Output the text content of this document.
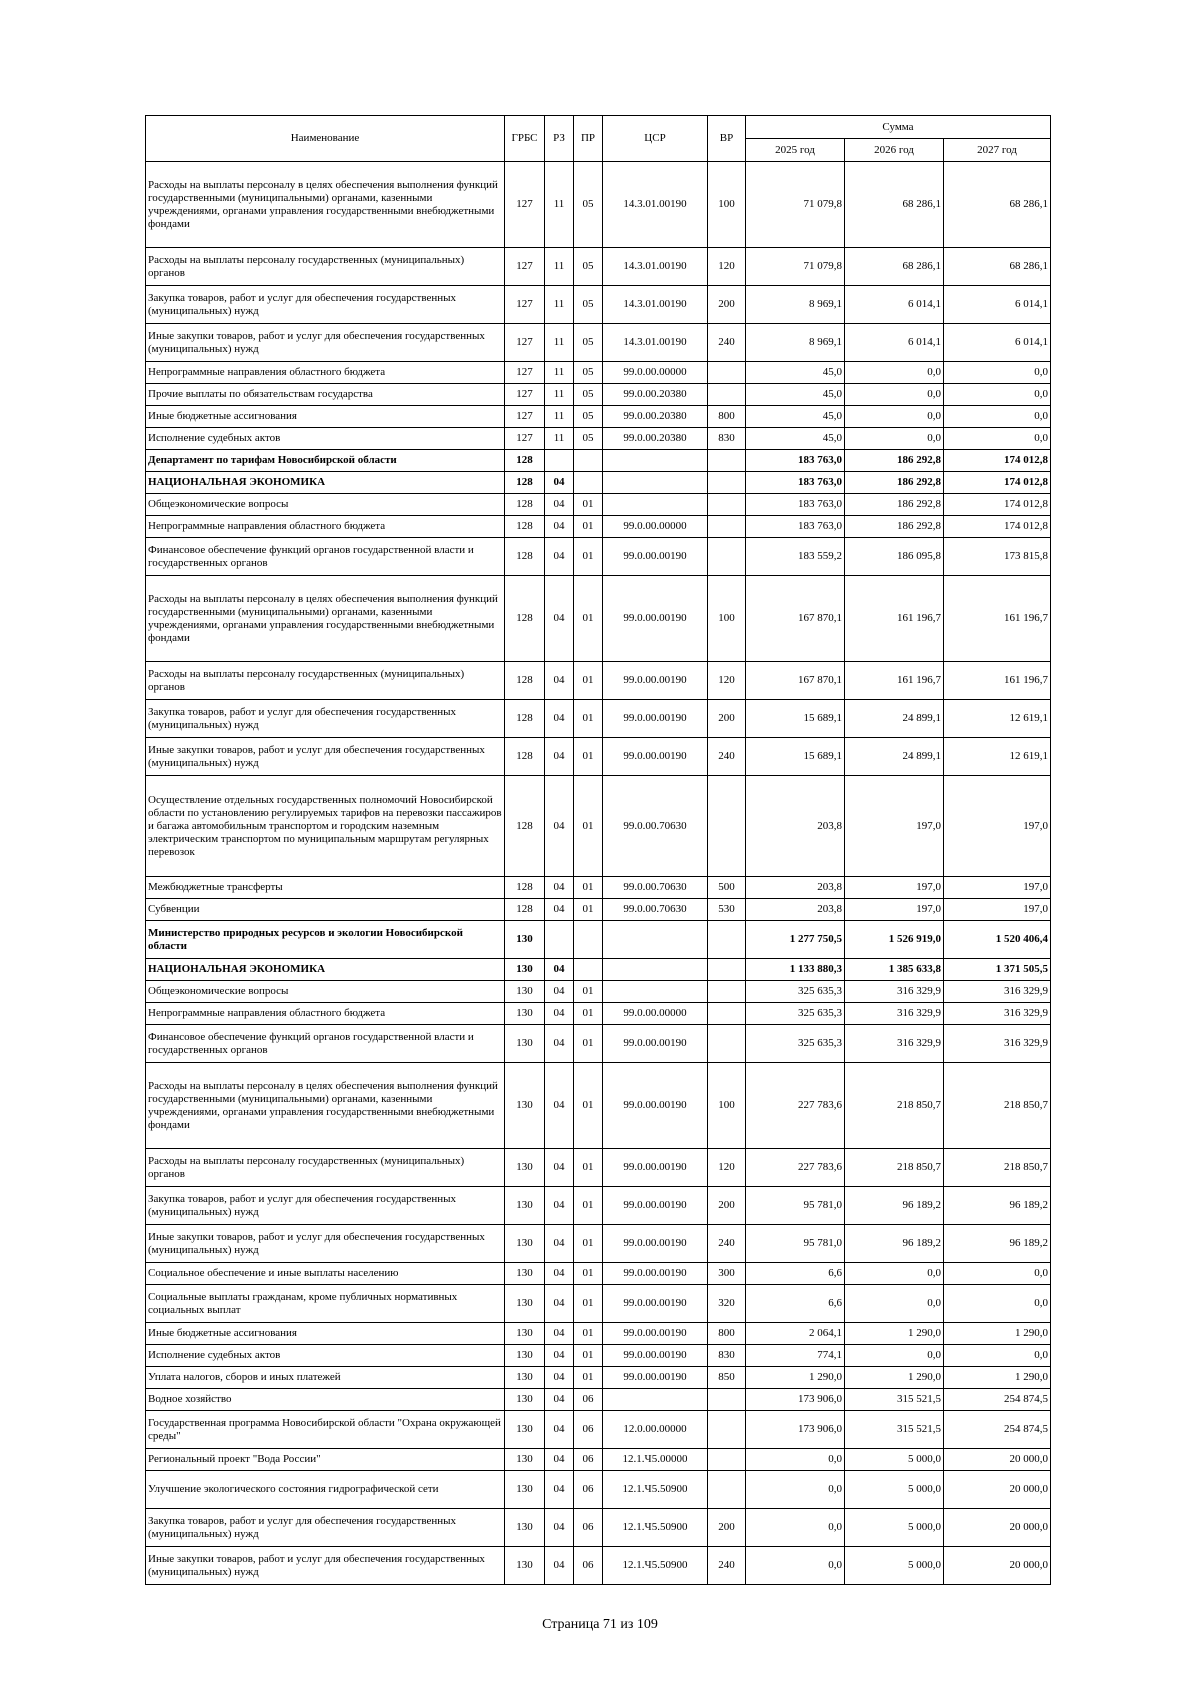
Наименование	ГРБС	РЗ	ПР	ЦСР	ВР	Сумма		
						2025 год	2026 год	2027 год
Расходы на выплаты персоналу в целях обеспечения выполнения функций государственными (муниципальными) органами, казенными учреждениями, органами управления государственными внебюджетными фондами	127	11	05	14.3.01.00190	100	71 079,8	68 286,1	68 286,1
Расходы на выплаты персоналу государственных (муниципальных) органов	127	11	05	14.3.01.00190	120	71 079,8	68 286,1	68 286,1
Закупка товаров, работ и услуг для обеспечения государственных (муниципальных) нужд	127	11	05	14.3.01.00190	200	8 969,1	6 014,1	6 014,1
Иные закупки товаров, работ и услуг для обеспечения государственных (муниципальных) нужд	127	11	05	14.3.01.00190	240	8 969,1	6 014,1	6 014,1
Непрограммные направления областного бюджета	127	11	05	99.0.00.00000		45,0	0,0	0,0
Прочие выплаты по обязательствам государства	127	11	05	99.0.00.20380		45,0	0,0	0,0
Иные бюджетные ассигнования	127	11	05	99.0.00.20380	800	45,0	0,0	0,0
Исполнение судебных актов	127	11	05	99.0.00.20380	830	45,0	0,0	0,0
Департамент по тарифам Новосибирской области	128					183 763,0	186 292,8	174 012,8
НАЦИОНАЛЬНАЯ ЭКОНОМИКА	128	04				183 763,0	186 292,8	174 012,8
Общеэкономические вопросы	128	04	01			183 763,0	186 292,8	174 012,8
Непрограммные направления областного бюджета	128	04	01	99.0.00.00000		183 763,0	186 292,8	174 012,8
Финансовое обеспечение функций органов государственной власти и государственных органов	128	04	01	99.0.00.00190		183 559,2	186 095,8	173 815,8
Расходы на выплаты персоналу в целях обеспечения выполнения функций государственными (муниципальными) органами, казенными учреждениями, органами управления государственными внебюджетными фондами	128	04	01	99.0.00.00190	100	167 870,1	161 196,7	161 196,7
Расходы на выплаты персоналу государственных (муниципальных) органов	128	04	01	99.0.00.00190	120	167 870,1	161 196,7	161 196,7
Закупка товаров, работ и услуг для обеспечения государственных (муниципальных) нужд	128	04	01	99.0.00.00190	200	15 689,1	24 899,1	12 619,1
Иные закупки товаров, работ и услуг для обеспечения государственных (муниципальных) нужд	128	04	01	99.0.00.00190	240	15 689,1	24 899,1	12 619,1
Осуществление отдельных государственных полномочий Новосибирской области по установлению регулируемых тарифов на перевозки пассажиров и багажа автомобильным транспортом и городским наземным электрическим транспортом по муниципальным маршрутам регулярных перевозок	128	04	01	99.0.00.70630		203,8	197,0	197,0
Межбюджетные трансферты	128	04	01	99.0.00.70630	500	203,8	197,0	197,0
Субвенции	128	04	01	99.0.00.70630	530	203,8	197,0	197,0
Министерство природных ресурсов и экологии Новосибирской области	130					1 277 750,5	1 526 919,0	1 520 406,4
НАЦИОНАЛЬНАЯ ЭКОНОМИКА	130	04				1 133 880,3	1 385 633,8	1 371 505,5
Общеэкономические вопросы	130	04	01			325 635,3	316 329,9	316 329,9
Непрограммные направления областного бюджета	130	04	01	99.0.00.00000		325 635,3	316 329,9	316 329,9
Финансовое обеспечение функций органов государственной власти и государственных органов	130	04	01	99.0.00.00190		325 635,3	316 329,9	316 329,9
Расходы на выплаты персоналу в целях обеспечения выполнения функций государственными (муниципальными) органами, казенными учреждениями, органами управления государственными внебюджетными фондами	130	04	01	99.0.00.00190	100	227 783,6	218 850,7	218 850,7
Расходы на выплаты персоналу государственных (муниципальных) органов	130	04	01	99.0.00.00190	120	227 783,6	218 850,7	218 850,7
Закупка товаров, работ и услуг для обеспечения государственных (муниципальных) нужд	130	04	01	99.0.00.00190	200	95 781,0	96 189,2	96 189,2
Иные закупки товаров, работ и услуг для обеспечения государственных (муниципальных) нужд	130	04	01	99.0.00.00190	240	95 781,0	96 189,2	96 189,2
Социальное обеспечение и иные выплаты населению	130	04	01	99.0.00.00190	300	6,6	0,0	0,0
Социальные выплаты гражданам, кроме публичных нормативных социальных выплат	130	04	01	99.0.00.00190	320	6,6	0,0	0,0
Иные бюджетные ассигнования	130	04	01	99.0.00.00190	800	2 064,1	1 290,0	1 290,0
Исполнение судебных актов	130	04	01	99.0.00.00190	830	774,1	0,0	0,0
Уплата налогов, сборов и иных платежей	130	04	01	99.0.00.00190	850	1 290,0	1 290,0	1 290,0
Водное хозяйство	130	04	06			173 906,0	315 521,5	254 874,5
Государственная программа Новосибирской области "Охрана окружающей среды"	130	04	06	12.0.00.00000		173 906,0	315 521,5	254 874,5
Региональный проект "Вода России"	130	04	06	12.1.Ч5.00000		0,0	5 000,0	20 000,0
Улучшение экологического состояния гидрографической сети	130	04	06	12.1.Ч5.50900		0,0	5 000,0	20 000,0
Закупка товаров, работ и услуг для обеспечения государственных (муниципальных) нужд	130	04	06	12.1.Ч5.50900	200	0,0	5 000,0	20 000,0
Иные закупки товаров, работ и услуг для обеспечения государственных (муниципальных) нужд	130	04	06	12.1.Ч5.50900	240	0,0	5 000,0	20 000,0
Страница 71 из 109
